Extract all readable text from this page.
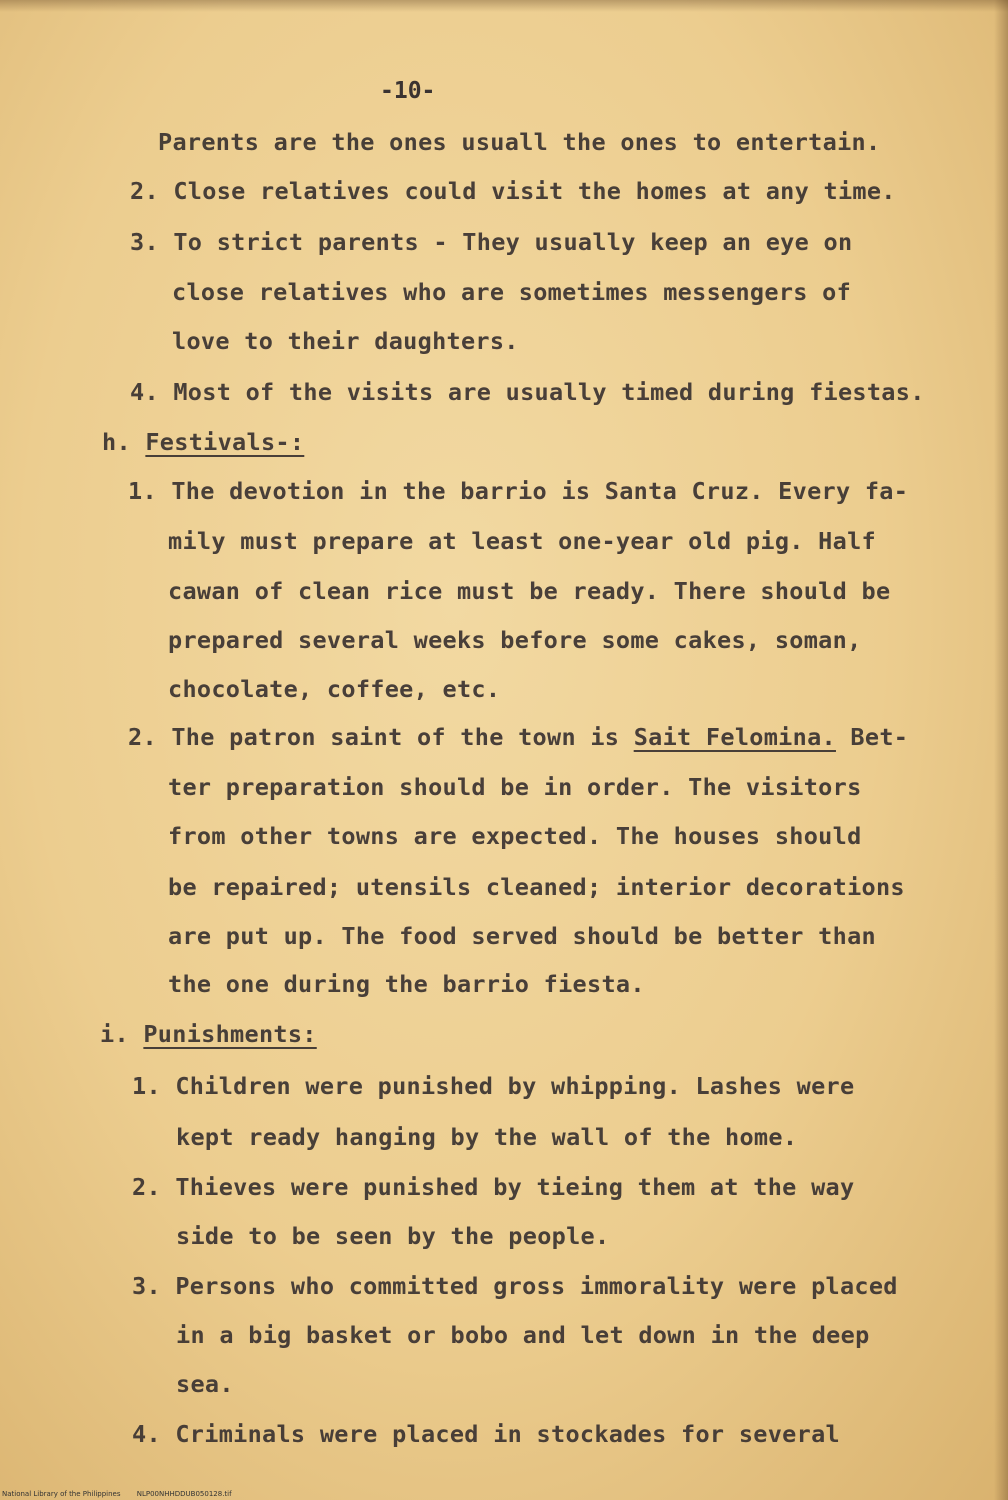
-10-
Parents are the ones usuall the ones to entertain.
2. Close relatives could visit the homes at any time.
3. To strict parents - They usually keep an eye on
close relatives who are sometimes messengers of
love to their daughters.
4. Most of the visits are usually timed during fiestas.
h. Festivals-:
1. The devotion in the barrio is Santa Cruz. Every fa-
mily must prepare at least one-year old pig. Half
cawan of clean rice must be ready. There should be
prepared several weeks before some cakes, soman,
chocolate, coffee, etc.
2. The patron saint of the town is Sait Felomina. Bet-
ter preparation should be in order. The visitors
from other towns are expected. The houses should
be repaired; utensils cleaned; interior decorations
are put up. The food served should be better than
the one during the barrio fiesta.
i. Punishments:
1. Children were punished by whipping. Lashes were
kept ready hanging by the wall of the home.
2. Thieves were punished by tieing them at the way
side to be seen by the people.
3. Persons who committed gross immorality were placed
in a big basket or bobo and let down in the deep
sea.
4. Criminals were placed in stockades for several
National Library of the Philippines NLP00NHHDDUB050128.tif
